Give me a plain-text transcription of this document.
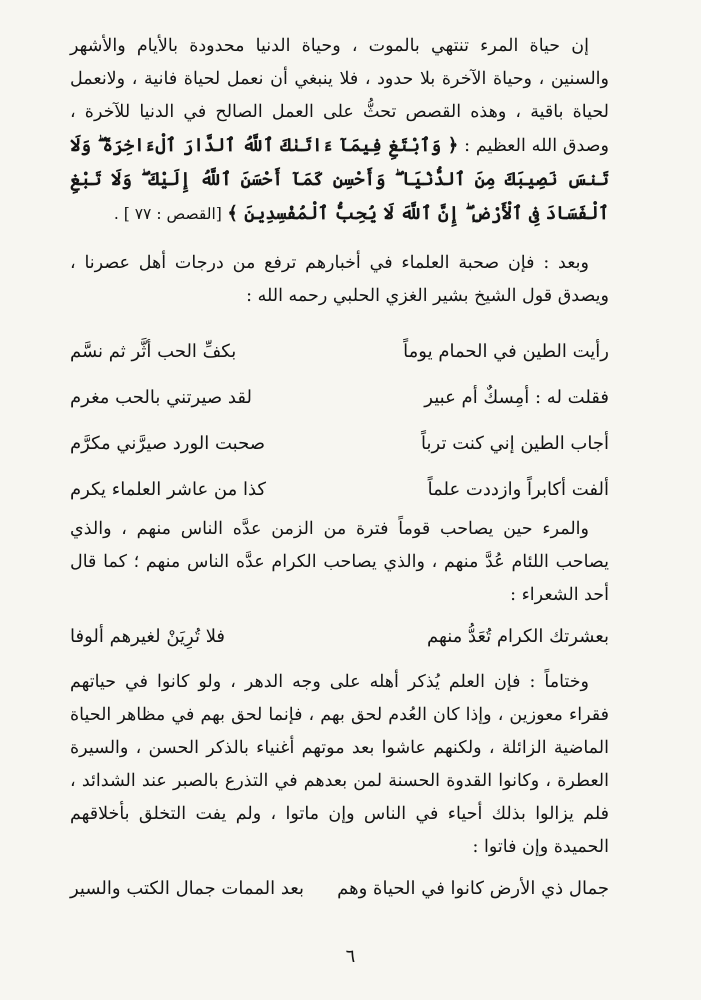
إن حياة المرء تنتهي بالموت ، وحياة الدنيا محدودة بالأيام والأشهر والسنين ، وحياة الآخرة بلا حدود ، فلا ينبغي أن نعمل لحياة فانية ، ولانعمل لحياة باقية ، وهذه القصص تحثُّ على العمل الصالح في الدنيا للآخرة ، وصدق الله العظيم : ﴿ وَٱبْتَغِ فِيمَآ ءَاتَىٰكَ ٱللَّهُ ٱلدَّارَ ٱلْءَاخِرَةَ ۖ وَلَا تَنسَ نَصِيبَكَ مِنَ ٱلدُّنْيَا ۖ وَأَحْسِن كَمَآ أَحْسَنَ ٱللَّهُ إِلَيْكَ ۖ وَلَا تَبْغِ ٱلْفَسَادَ فِى ٱلْأَرْضِ ۖ إِنَّ ٱللَّهَ لَا يُحِبُّ ٱلْمُفْسِدِينَ ﴾ [القصص : ٧٧ ] .
وبعد : فإن صحبة العلماء في أخبارهم ترفع من درجات أهل عصرنا ، ويصدق قول الشيخ بشير الغزي الحلبي رحمه الله :
رأيت الطين في الحمام يوماً
بكفِّ الحب أثَّر ثم نسَّم
فقلت له : أمِسكٌ أم عبير
لقد صيرتني بالحب مغرم
أجاب الطين إني كنت ترباً
صحبت الورد صيرَّني مكرَّم
ألفت أكابراً وازددت علماً
كذا من عاشر العلماء يكرم
والمرء حين يصاحب قوماً فترة من الزمن عدَّه الناس منهم ، والذي يصاحب اللئام عُدَّ منهم ، والذي يصاحب الكرام عدَّه الناس منهم ؛ كما قال أحد الشعراء :
بعشرتك الكرام تُعَدُّ منهم
فلا تُرِيَنْ لغيرهم ألوفا
وختاماً : فإن العلم يُذكر أهله على وجه الدهر ، ولو كانوا في حياتهم فقراء معوزين ، وإذا كان العُدم لحق بهم ، فإنما لحق بهم في مظاهر الحياة الماضية الزائلة ، ولكنهم عاشوا بعد موتهم أغنياء بالذكر الحسن ، والسيرة العطرة ، وكانوا القدوة الحسنة لمن بعدهم في التذرع بالصبر عند الشدائد ، فلم يزالوا بذلك أحياء في الناس وإن ماتوا ، ولم يفت التخلق بأخلاقهم الحميدة وإن فاتوا :
جمال ذي الأرض كانوا في الحياة وهم
بعد الممات جمال الكتب والسير
٦
